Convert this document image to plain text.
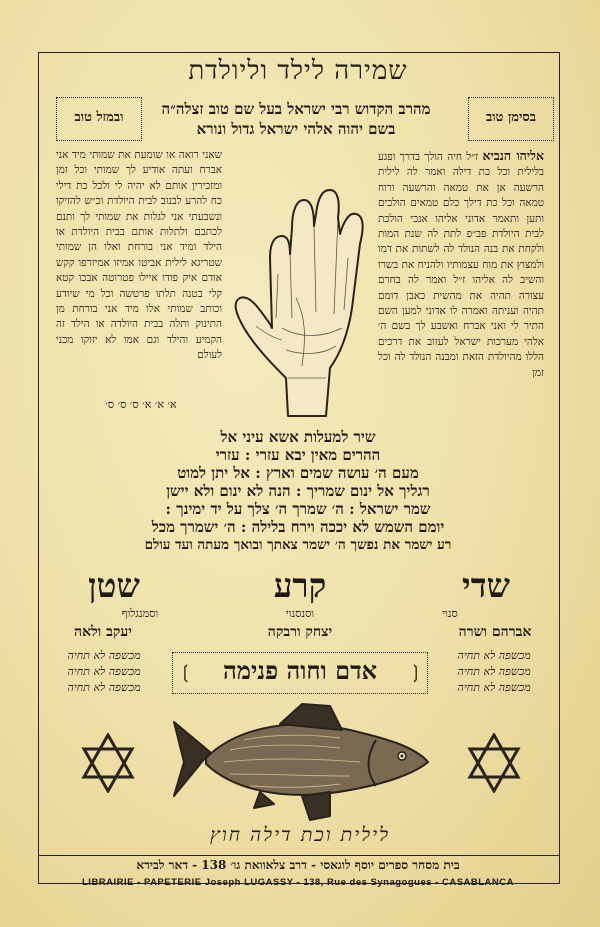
שמירה לילד וליולדת
בסימן טוב
ובמזל טוב	מהרב הקדוש רבי ישראל בעל שם טוב זצלה״ה
בשם יהוה אלהי ישראל גדול ונורא
אליהו הנביא ז״ל חיה הולך בדרך ופגע בלילית וכל כת דילה ואמר לה לילית הרשעה אן את טמאה והרשעה ורוח טמאה וכל כת דילך כלם טמאים הולכים ותען ותאמר אדוני אליהו אנכי הולכת לבית היולדת פב״פ לתת לה שנת המות ולקחת את בנה הנולד לה לשתות את דמו ולמצוץ את מוח עצמותיו ולהניח את בשרו והשיב לה אליהו ז״ל ואמר לה בחרם עצורה תהיה את מהשית כאבן דומם תהיה ועניתה ואמרה לו אדוני למען השם התיר לי ואני אברח ואשבע לך בשם ה׳ אלהי מערכות ישראל לעזוב את דרכים הללו מהיולדת הזאת ומבנה הנולד לה וכל זמן
שאני רואה או שומעת את שמותי מיד אני אברח ועתה אודיע לך שמותי וכל זמן ומזכירין אותם לא יהיה לי ולכל כת דילי כח להרע לבנוב לבית היולדת וכ״ש להזיקו ונשבעתי אני לגלות את שמותי לך ותנם לכתבם ולתלות אותם בבית היולדת או הילד ומיד אני בורחת ואלו הן שמותי שטריגא לילית אביטו אמיזו אמיזרפו קקש אודם איק פודו איילו פטרוטה אבכו קטא קלי בטנה תלתו פרטשה וכל מי שיודע וכותב שמותי אלו מיד אני בורחת מן התינוק ותלה בבית היולדה או הילד זה הקמיע והילד וגם אמו לא יזוקו מכני לעולם
א׳ א׳ א׳ ס׳ ס׳ ס׳
שיר למעלות אשא עיני אל
ההרים מאין יבא עזרי : עזרי
מעם ה׳ עושה שמים וארץ : אל יתן למוט
רגליך אל ינום שמריך : הנה לא ינום ולא יישן
שמר ישראל : ה׳ שמרך ה׳ צלך על יד ימינך :
יומם השמש לא יככה וירח בלילה : ה׳ ישמרך מכל
רע ישמר את נפשך ה׳ ישמר צאתך ובואך מעתה ועד עולם
שדי
קרע
שטן
סנוי
וסנסנוי
וסמנגלוף
אברהם ושרה
יצחק ורבקה
יעקב ולאה
מכשפה לא תחיה
מכשפה לא תחיה
מכשפה לא תחיה
מכשפה לא תחיה
מכשפה לא תחיה
מכשפה לא תחיה
אדם וחוה פנימה
❲	❳
לילית וכת דילה חוץ
בית מסחר ספרים יוסף לוגאסי - דרב צלאוואת גו׳ 138 - דאר לבידא
LIBRAIRIE - PAPETERIE Joseph LUGASSY - 138, Rue des Synagogues - CASABLANCA
